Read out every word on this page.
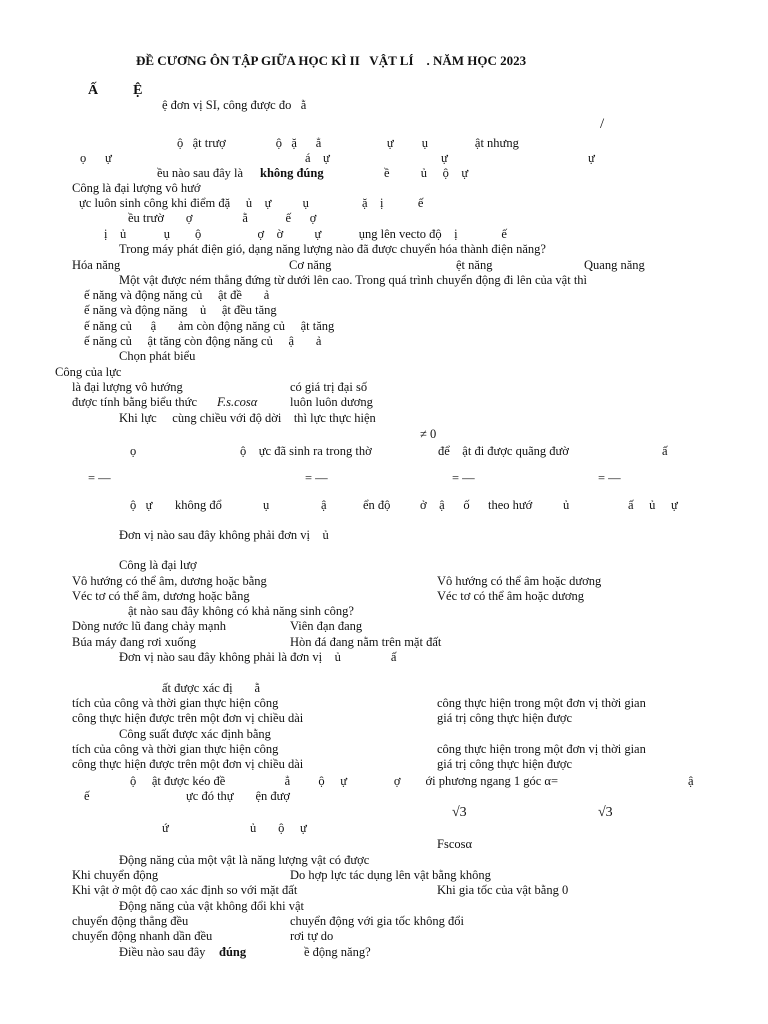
ĐỀ CƯƠNG ÔN TẬP GIỮA HỌC KÌ II   VẬT LÍ    . NĂM HỌC 2023
Ấ          Ệ
ệ đơn vị SI, công được đo   ằ
ộ   ật trượ                ộ   ặ      ẳ                     ự         ụ               ật nhưng
/
ọ      ự	á    ự	ự	ự
ều nào sau đây là không đúng	ề          ủ     ộ    ự
Công là đại lượng vô hướ
ực luôn sinh công khi điểm đặ     ủ    ự          ụ                 ặ    ị           ế
ều trườ       ợ                ằ            ế      ợ
ị    ủ            ụ        ộ                  ợ    ờ          ự            ụng lên vecto độ    ị              ế
Trong máy phát điện gió, dạng năng lượng nào đã được chuyển hóa thành điện năng?
Hóa năng	Cơ năng	ệt năng	Quang năng
Một vật được ném thẳng đứng từ dưới lên cao. Trong quá trình chuyển động đi lên của vật thì
ế năng và động năng củ     ật đề       ả
ế năng và động năng    ủ     ật đều tăng
ế năng củ      ậ       ảm còn động năng củ     ật tăng
ế năng củ     ật tăng còn động năng củ     ậ       ả
Chọn phát biểu
Công của lực
là đại lượng vô hướng	có giá trị đại số
được tính bằng biểu thức F.s.cosα	luôn luôn dương
Khi lực     cùng chiều với độ dời    thì lực thực hiện
≠ 0
ọ	ộ    ực đã sinh ra trong thờ	để    ật đi được quãng đườ	ấ
= —	= —	= —	= —
ộ   ự không đổ	ụ	ậ	ển độ ở    ậ      ố theo hướ ủ	ấ     ủ     ự
Đơn vị nào sau đây không phải đơn vị    ủ
Công là đại lượ
Vô hướng có thể âm, dương hoặc bằng	Vô hướng có thể âm hoặc dương
Véc tơ có thể âm, dương hoặc bằng	Véc tơ có thể âm hoặc dương
ật nào sau đây không có khả năng sinh công?
Dòng nước lũ đang chảy mạnh	Viên đạn đang
Búa máy đang rơi xuống	Hòn đá đang nằm trên mặt đất
Đơn vị nào sau đây không phải là đơn vị    ủ                ấ
ất được xác đị       ằ
tích của công và thời gian thực hiện công	công thực hiện trong một đơn vị thời gian
công thực hiện được trên một đơn vị chiều dài	giá trị công thực hiện được
Công suất được xác định bằng
tích của công và thời gian thực hiện công	công thực hiện trong một đơn vị thời gian
công thực hiện được trên một đơn vị chiều dài	giá trị công thực hiện được
ộ     ật được kéo đề                   ẳ         ộ     ự               ợ        ới phương ngang 1 góc α=	ậ
ế	ực đó thự       ện đượ
√3	√3
ứ                          ủ       ộ     ự
Fscosα
Động năng của một vật là năng lượng vật có được
Khi chuyển động	Do hợp lực tác dụng lên vật bằng không
Khi vật ở một độ cao xác định so với mặt đất	Khi gia tốc của vật bằng 0
Động năng của vật không đổi khi vật
chuyển động thẳng đều	chuyển động với gia tốc không đổi
chuyển động nhanh dần đều	rơi tự do
Điều nào sau đây đúng	ề động năng?
